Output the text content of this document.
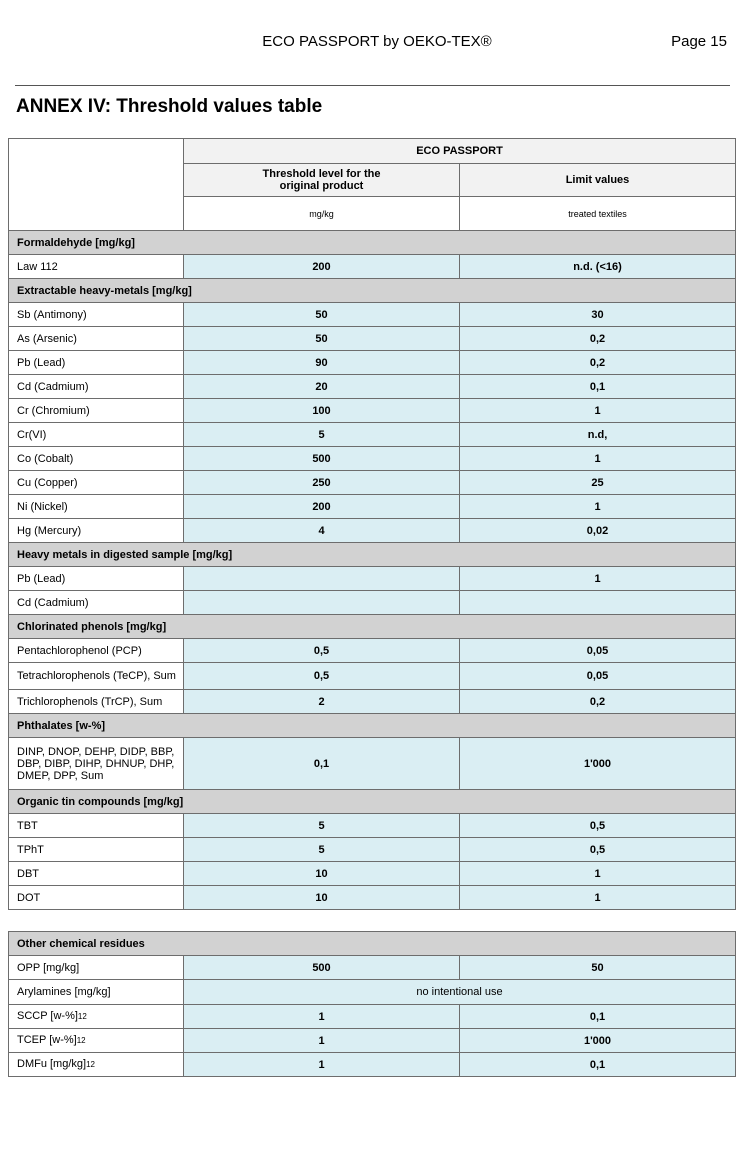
ECO PASSPORT by OEKO-TEX®	Page 15
ANNEX IV: Threshold values table
	ECO PASSPORT	

	Threshold level for the original product	Limit values
	mg/kg	treated textiles
Formaldehyde [mg/kg]		
Law 112	200	n.d. (<16)
Extractable heavy-metals [mg/kg]		
Sb (Antimony)	50	30
As (Arsenic)	50	0,2
Pb (Lead)	90	0,2
Cd (Cadmium)	20	0,1
Cr (Chromium)	100	1
Cr(VI)	5	n.d,
Co (Cobalt)	500	1
Cu (Copper)	250	25
Ni (Nickel)	200	1
Hg (Mercury)	4	0,02
Heavy metals in digested sample [mg/kg]		
Pb (Lead)		1
Cd (Cadmium)		
Chlorinated phenols [mg/kg]		
Pentachlorophenol (PCP)	0,5	0,05
Tetrachlorophenols (TeCP), Sum	0,5	0,05
Trichlorophenols (TrCP), Sum	2	0,2
Phthalates [w-%]		
DINP, DNOP, DEHP, DIDP, BBP, DBP, DIBP, DIHP, DHNUP, DHP, DMEP, DPP, Sum	0,1	1'000
Organic tin compounds [mg/kg]		
TBT	5	0,5
TPhT	5	0,5
DBT	10	1
DOT	10	1
Other chemical residues		
OPP [mg/kg]	500	50
Arylamines [mg/kg]	no intentional use	
SCCP [w-%]12	1	0,1
TCEP [w-%]12	1	1'000
DMFu [mg/kg]12	1	0,1
